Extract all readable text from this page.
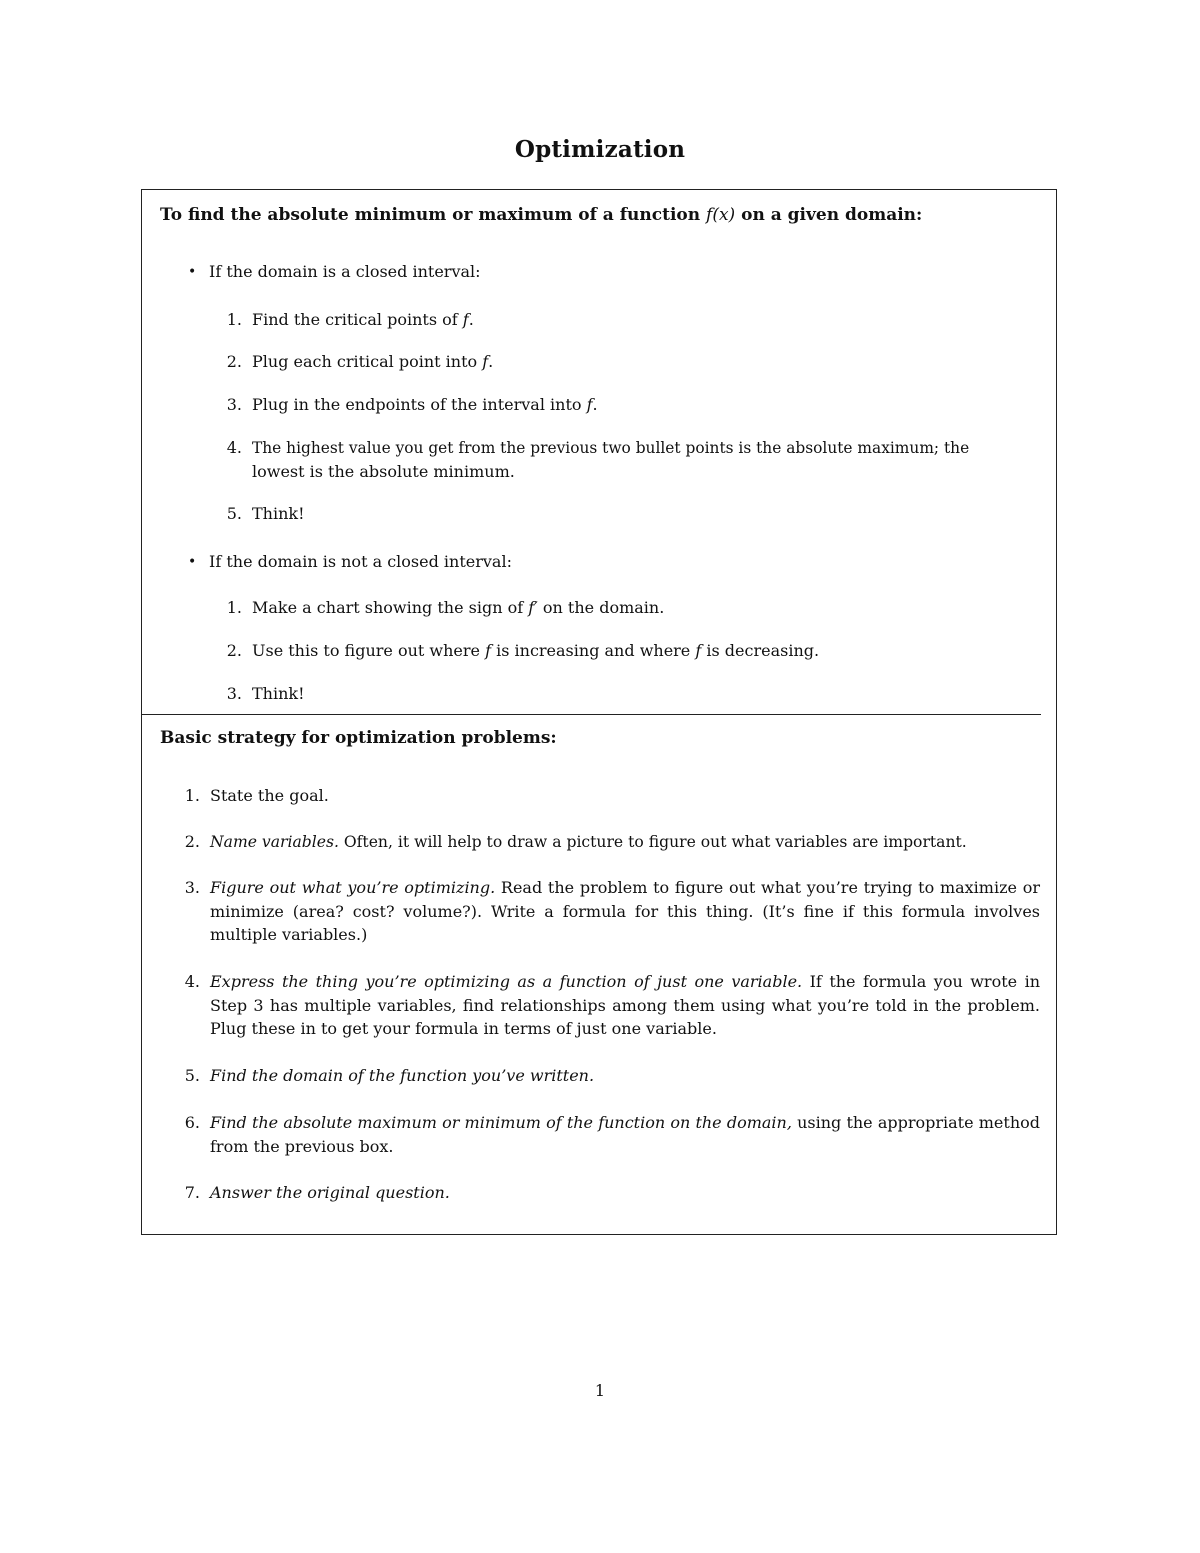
Optimization
To find the absolute minimum or maximum of a function f(x) on a given domain:
• If the domain is a closed interval:
1. Find the critical points of f.
2. Plug each critical point into f.
3. Plug in the endpoints of the interval into f.
4. The highest value you get from the previous two bullet points is the absolute maximum; the
lowest is the absolute minimum.
5. Think!
• If the domain is not a closed interval:
1. Make a chart showing the sign of f′ on the domain.
2. Use this to figure out where f is increasing and where f is decreasing.
3. Think!
Basic strategy for optimization problems:
1. State the goal.
2. Name variables. Often, it will help to draw a picture to figure out what variables are important.
3. Figure out what you’re optimizing. Read the problem to figure out what you’re trying to maximize or minimize (area? cost? volume?). Write a formula for this thing. (It’s fine if this formula involves multiple variables.)
4. Express the thing you’re optimizing as a function of just one variable. If the formula you wrote in Step 3 has multiple variables, find relationships among them using what you’re told in the problem. Plug these in to get your formula in terms of just one variable.
5. Find the domain of the function you’ve written.
6. Find the absolute maximum or minimum of the function on the domain, using the appropriate method from the previous box.
7. Answer the original question.
1
